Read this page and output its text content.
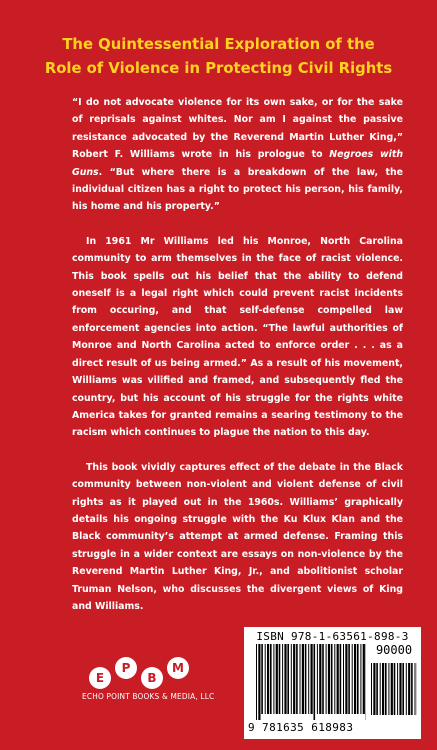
The Quintessential Exploration of the
Role of Violence in Protecting Civil Rights

“I do not advocate violence for its own sake, or for the sake of reprisals against whites. Nor am I against the passive resistance advocated by the Reverend Martin Luther King,” Robert F. Williams wrote in his prologue to Negroes with Guns. “But where there is a breakdown of the law, the individual citizen has a right to protect his person, his family, his home and his property.”

In 1961 Mr Williams led his Monroe, North Carolina community to arm themselves in the face of racist violence. This book spells out his belief that the ability to defend oneself is a legal right which could prevent racist incidents from occuring, and that self-defense compelled law enforcement agencies into action. “The lawful authorities of Monroe and North Carolina acted to enforce order . . . as a direct result of us being armed.” As a result of his movement, Williams was vilified and framed, and subsequently fled the country, but his account of his struggle for the rights white America takes for granted remains a searing testimony to the racism which continues to plague the nation to this day.

This book vividly captures effect of the debate in the Black community between non-violent and violent defense of civil rights as it played out in the 1960s. Williams’ graphically details his ongoing struggle with the Ku Klux Klan and the Black community’s attempt at armed defense. Framing this struggle in a wider context are essays on non-violence by the Reverend Martin Luther King, Jr., and abolitionist scholar Truman Nelson, who discusses the divergent views of King and Williams.

E
P
B
M
ECHO POINT BOOKS & MEDIA, LLC
ISBN 978-1-63561-898-3
90000
9 781635 618983
